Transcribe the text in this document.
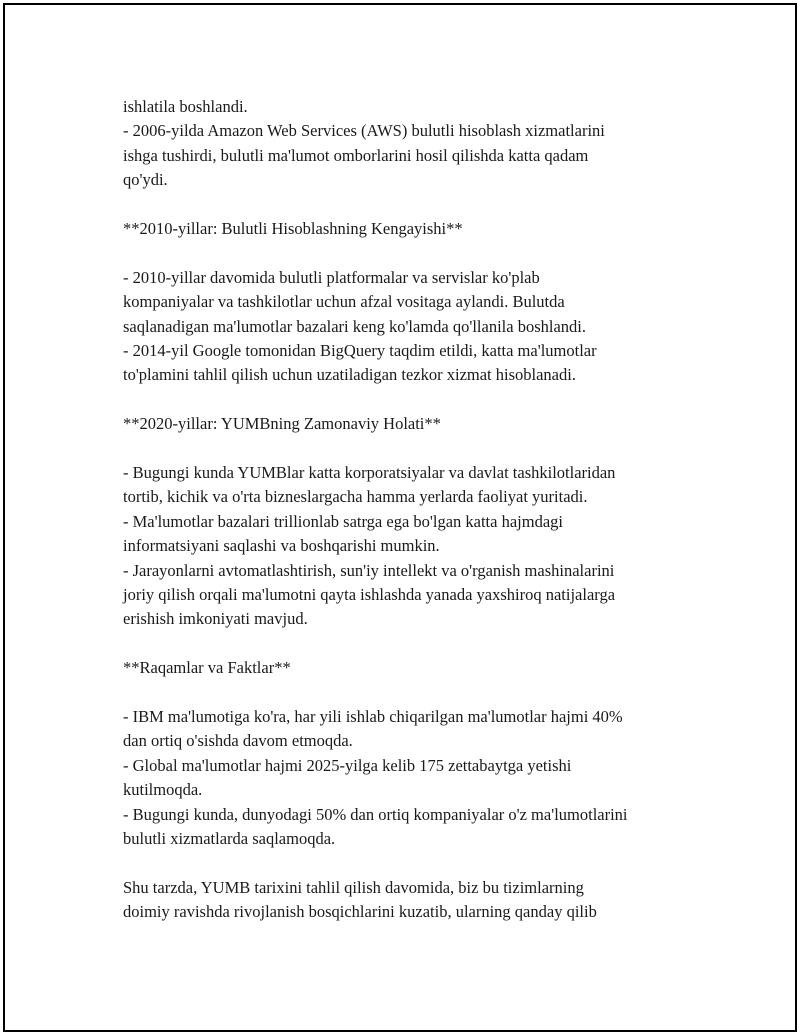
ishlatila boshlandi.
- 2006-yilda Amazon Web Services (AWS) bulutli hisoblash xizmatlarini
ishga tushirdi, bulutli ma'lumot omborlarini hosil qilishda katta qadam
qo'ydi.
**2010-yillar: Bulutli Hisoblashning Kengayishi**
- 2010-yillar davomida bulutli platformalar va servislar ko'plab
kompaniyalar va tashkilotlar uchun afzal vositaga aylandi. Bulutda
saqlanadigan ma'lumotlar bazalari keng ko'lamda qo'llanila boshlandi.
- 2014-yil Google tomonidan BigQuery taqdim etildi, katta ma'lumotlar
to'plamini tahlil qilish uchun uzatiladigan tezkor xizmat hisoblanadi.
**2020-yillar: YUMBning Zamonaviy Holati**
- Bugungi kunda YUMBlar katta korporatsiyalar va davlat tashkilotlaridan
tortib, kichik va o'rta bizneslargacha hamma yerlarda faoliyat yuritadi.
- Ma'lumotlar bazalari trillionlab satrga ega bo'lgan katta hajmdagi
informatsiyani saqlashi va boshqarishi mumkin.
- Jarayonlarni avtomatlashtirish, sun'iy intellekt va o'rganish mashinalarini
joriy qilish orqali ma'lumotni qayta ishlashda yanada yaxshiroq natijalarga
erishish imkoniyati mavjud.
**Raqamlar va Faktlar**
- IBM ma'lumotiga ko'ra, har yili ishlab chiqarilgan ma'lumotlar hajmi 40%
dan ortiq o'sishda davom etmoqda.
- Global ma'lumotlar hajmi 2025-yilga kelib 175 zettabaytga yetishi
kutilmoqda.
- Bugungi kunda, dunyodagi 50% dan ortiq kompaniyalar o'z ma'lumotlarini
bulutli xizmatlarda saqlamoqda.
Shu tarzda, YUMB tarixini tahlil qilish davomida, biz bu tizimlarning
doimiy ravishda rivojlanish bosqichlarini kuzatib, ularning qanday qilib
